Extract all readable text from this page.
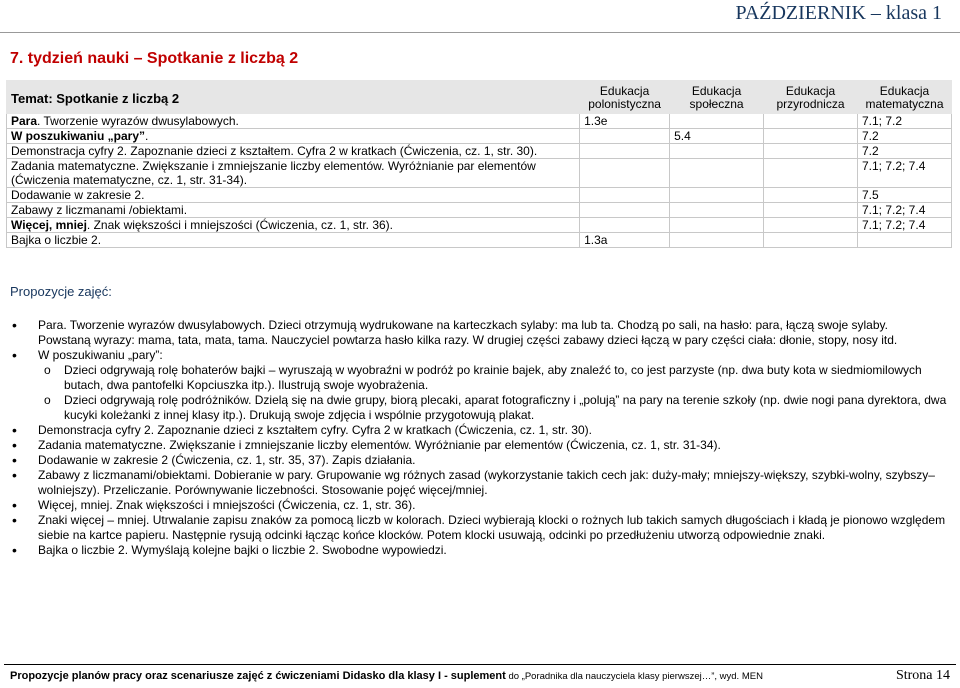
PAŹDZIERNIK – klasa 1
7. tydzień nauki – Spotkanie z liczbą 2
Temat: Spotkanie z liczbą 2	Edukacja polonistyczna	Edukacja społeczna	Edukacja przyrodnicza	Edukacja matematyczna
Para. Tworzenie wyrazów dwusylabowych.	1.3e			7.1; 7.2
W poszukiwaniu „pary”.		5.4		7.2
Demonstracja cyfry 2. Zapoznanie dzieci z kształtem. Cyfra 2 w kratkach (Ćwiczenia, cz. 1, str. 30).				7.2
Zadania matematyczne. Zwiększanie i zmniejszanie liczby elementów. Wyróżnianie par elementów (Ćwiczenia matematyczne, cz. 1, str. 31-34).				7.1; 7.2; 7.4
Dodawanie w zakresie 2.				7.5
Zabawy z liczmanami /obiektami.				7.1; 7.2; 7.4
Więcej, mniej. Znak większości i mniejszości (Ćwiczenia, cz. 1, str. 36).				7.1; 7.2; 7.4
Bajka o liczbie 2.	1.3a			
Propozycje zajęć:

• Para. Tworzenie wyrazów dwusylabowych. Dzieci otrzymują wydrukowane na karteczkach sylaby: ma lub ta. Chodzą po sali, na hasło: para, łączą swoje sylaby.

Powstaną wyrazy: mama, tata, mata, tama. Nauczyciel powtarza hasło kilka razy. W drugiej części zabawy dzieci łączą w pary części ciała: dłonie, stopy, nosy itd.

• W poszukiwaniu „pary”:

o Dzieci odgrywają rolę bohaterów bajki – wyruszają w wyobraźni w podróż po krainie bajek, aby znaleźć to, co jest parzyste (np. dwa buty kota w siedmiomilowych butach, dwa pantofelki Kopciuszka itp.). Ilustrują swoje wyobrażenia.

o Dzieci odgrywają rolę podróżników. Dzielą się na dwie grupy, biorą plecaki, aparat fotograficzny i „polują” na pary na terenie szkoły (np. dwie nogi pana dyrektora, dwa kucyki koleżanki z innej klasy itp.). Drukują swoje zdjęcia i wspólnie przygotowują plakat.

• Demonstracja cyfry 2. Zapoznanie dzieci z kształtem cyfry. Cyfra 2 w kratkach (Ćwiczenia, cz. 1, str. 30).

• Zadania matematyczne. Zwiększanie i zmniejszanie liczby elementów. Wyróżnianie par elementów (Ćwiczenia, cz. 1, str. 31-34).

• Dodawanie w zakresie 2 (Ćwiczenia, cz. 1, str. 35, 37). Zapis działania.

• Zabawy z liczmanami/obiektami. Dobieranie w pary. Grupowanie wg różnych zasad (wykorzystanie takich cech jak: duży-mały; mniejszy-większy, szybki-wolny, szybszy–wolniejszy). Przeliczanie. Porównywanie liczebności. Stosowanie pojęć więcej/mniej.

• Więcej, mniej. Znak większości i mniejszości (Ćwiczenia, cz. 1, str. 36).

• Znaki więcej – mniej. Utrwalanie zapisu znaków za pomocą liczb w kolorach. Dzieci wybierają klocki o rożnych lub takich samych długościach i kładą je pionowo względem siebie na kartce papieru. Następnie rysują odcinki łącząc końce klocków. Potem klocki usuwają, odcinki po przedłużeniu utworzą odpowiednie znaki.

• Bajka o liczbie 2. Wymyślają kolejne bajki o liczbie 2. Swobodne wypowiedzi.

Propozycje planów pracy oraz scenariusze zajęć z ćwiczeniami Didasko dla klasy I - suplement do „Poradnika dla nauczyciela klasy pierwszej…”, wyd. MEN	Strona 14
